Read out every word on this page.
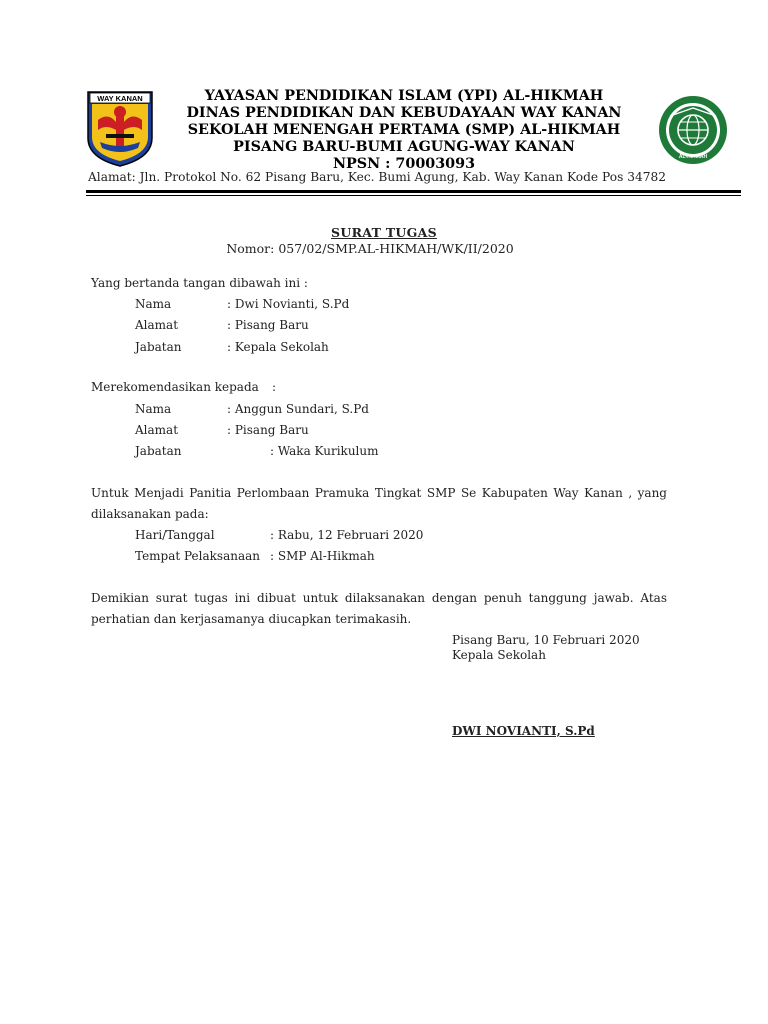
WAY KANAN
AL-HIKMAH
YAYASAN PENDIDIKAN ISLAM (YPI) AL-HIKMAH
DINAS PENDIDIKAN DAN KEBUDAYAAN WAY KANAN
SEKOLAH MENENGAH PERTAMA (SMP) AL-HIKMAH
PISANG BARU-BUMI AGUNG-WAY KANAN
NPSN : 70003093
Alamat: Jln. Protokol No. 62 Pisang Baru, Kec. Bumi Agung, Kab. Way Kanan Kode Pos 34782
SURAT TUGAS
Nomor: 057/02/SMP.AL-HIKMAH/WK/II/2020
Yang bertanda tangan dibawah ini :
Nama	: Dwi Novianti, S.Pd
Alamat	: Pisang Baru
Jabatan	: Kepala Sekolah
Merekomendasikan kepada :
Nama	: Anggun Sundari, S.Pd
Alamat	: Pisang Baru
Jabatan	: Waka Kurikulum
Untuk Menjadi Panitia Perlombaan Pramuka Tingkat SMP Se Kabupaten Way Kanan , yang
dilaksanakan pada:
Hari/Tanggal	: Rabu, 12 Februari 2020
Tempat Pelaksanaan : SMP Al-Hikmah
Demikian surat tugas ini dibuat untuk dilaksanakan dengan penuh tanggung jawab. Atas
perhatian dan kerjasamanya diucapkan terimakasih.
Pisang Baru, 10 Februari 2020
Kepala Sekolah
DWI NOVIANTI, S.Pd
